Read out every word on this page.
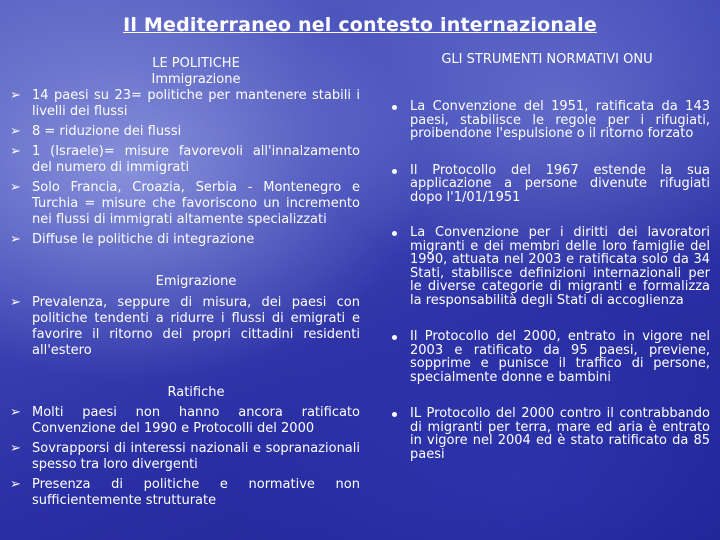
Il Mediterraneo nel contesto internazionale
LE POLITICHE
Immigrazione
➢ 14 paesi su 23= politiche per mantenere stabili i livelli dei flussi
➢ 8 = riduzione dei flussi
➢ 1 (Israele)= misure favorevoli all'innalzamento del numero di immigrati
➢ Solo Francia, Croazia, Serbia - Montenegro e Turchia = misure che favoriscono un incremento nei flussi di immigrati altamente specializzati
➢ Diffuse le politiche di integrazione
Emigrazione
➢ Prevalenza, seppure di misura, dei paesi con politiche tendenti a ridurre i flussi di emigrati e favorire il ritorno dei propri cittadini residenti all'estero
Ratifiche
➢ Molti paesi non hanno ancora ratificato Convenzione del 1990 e Protocolli del 2000
➢ Sovrapporsi di interessi nazionali e sopranazionali spesso tra loro divergenti
➢ Presenza di politiche e normative non sufficientemente strutturate
GLI STRUMENTI NORMATIVI ONU
La Convenzione del 1951, ratificata da 143 paesi, stabilisce le regole per i rifugiati, proibendone l'espulsione o il ritorno forzato
Il Protocollo del 1967 estende la sua applicazione a persone divenute rifugiati dopo l'1/01/1951
La Convenzione per i diritti dei lavoratori migranti e dei membri delle loro famiglie del 1990, attuata nel 2003 e ratificata solo da 34 Stati, stabilisce definizioni internazionali per le diverse categorie di migranti e formalizza la responsabilità degli Stati di accoglienza
Il Protocollo del 2000, entrato in vigore nel 2003 e ratificato da 95 paesi, previene, sopprime e punisce il traffico di persone, specialmente donne e bambini
IL Protocollo del 2000 contro il contrabbando di migranti per terra, mare ed aria è entrato in vigore nel 2004 ed è stato ratificato da 85 paesi
